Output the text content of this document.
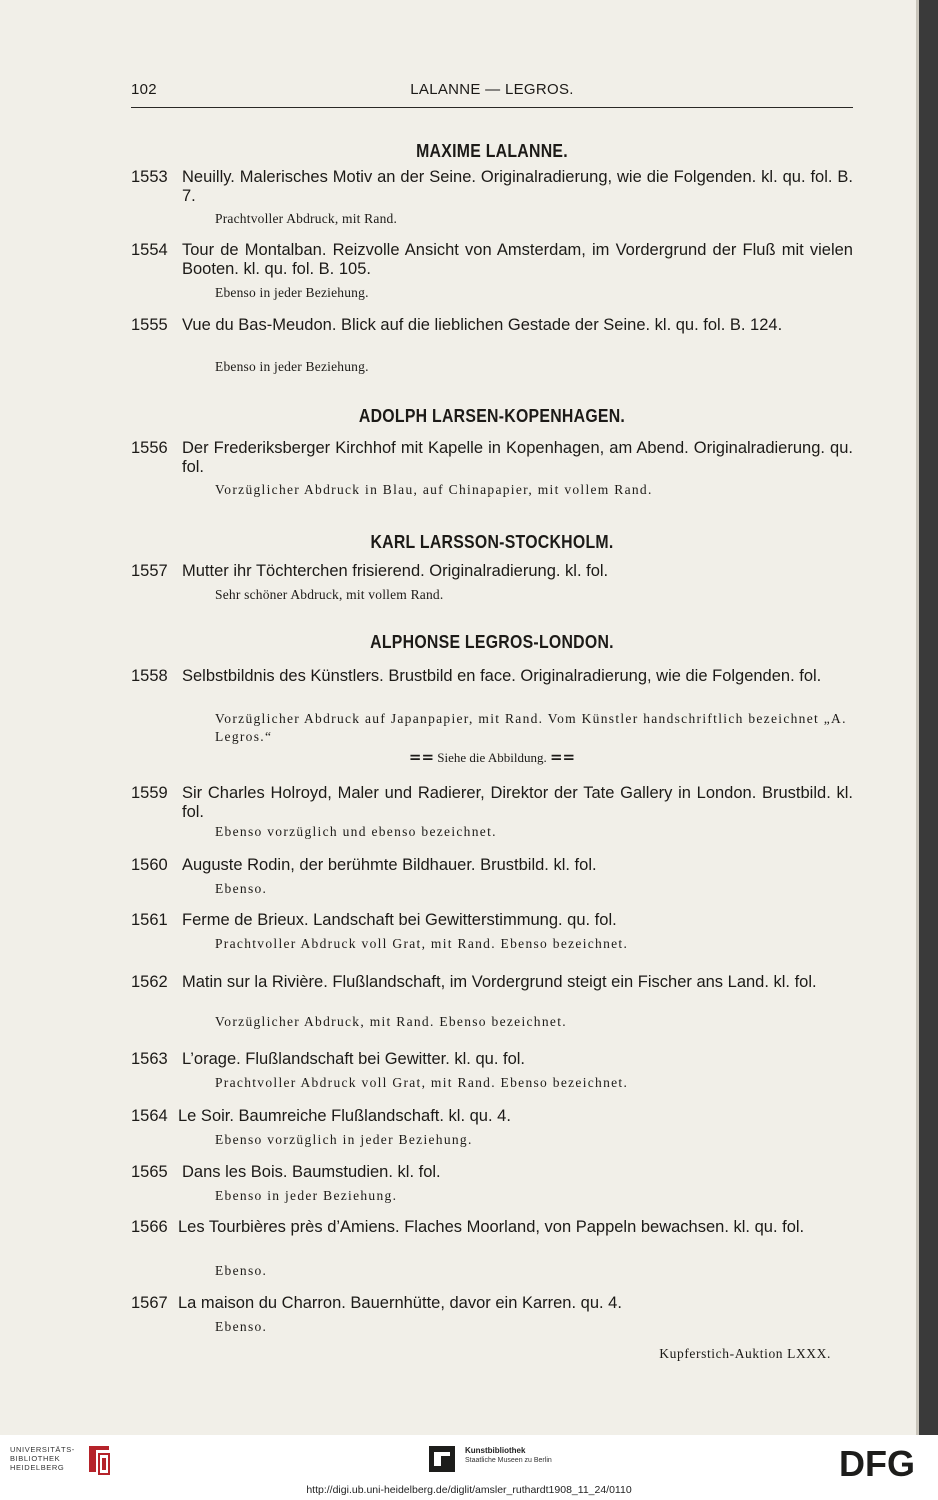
102	LALANNE — LEGROS.
MAXIME LALANNE.
1553 Neuilly. Malerisches Motiv an der Seine. Originalradierung, wie die Folgenden. kl. qu. fol. B. 7.
Prachtvoller Abdruck, mit Rand.
1554 Tour de Montalban. Reizvolle Ansicht von Amsterdam, im Vordergrund der Fluß mit vielen Booten. kl. qu. fol. B. 105.
Ebenso in jeder Beziehung.
1555 Vue du Bas-Meudon. Blick auf die lieblichen Gestade der Seine. kl. qu. fol. B. 124.
Ebenso in jeder Beziehung.
ADOLPH LARSEN-KOPENHAGEN.
1556 Der Frederiksberger Kirchhof mit Kapelle in Kopenhagen, am Abend. Originalradierung. qu. fol.
Vorzüglicher Abdruck in Blau, auf Chinapapier, mit vollem Rand.
KARL LARSSON-STOCKHOLM.
1557 Mutter ihr Töchterchen frisierend. Originalradierung. kl. fol.
Sehr schöner Abdruck, mit vollem Rand.
ALPHONSE LEGROS-LONDON.
1558 Selbstbildnis des Künstlers. Brustbild en face. Originalradierung, wie die Folgenden. fol.
Vorzüglicher Abdruck auf Japanpapier, mit Rand. Vom Künstler handschriftlich bezeichnet „A. Legros.“
== Siehe die Abbildung. ==
1559 Sir Charles Holroyd, Maler und Radierer, Direktor der Tate Gallery in London. Brustbild. kl. fol.
Ebenso vorzüglich und ebenso bezeichnet.
1560 Auguste Rodin, der berühmte Bildhauer. Brustbild. kl. fol.
Ebenso.
1561 Ferme de Brieux. Landschaft bei Gewitterstimmung. qu. fol.
Prachtvoller Abdruck voll Grat, mit Rand. Ebenso bezeichnet.
1562 Matin sur la Rivière. Flußlandschaft, im Vordergrund steigt ein Fischer ans Land. kl. fol.
Vorzüglicher Abdruck, mit Rand. Ebenso bezeichnet.
1563 L’orage. Flußlandschaft bei Gewitter. kl. qu. fol.
Prachtvoller Abdruck voll Grat, mit Rand. Ebenso bezeichnet.
1564 Le Soir. Baumreiche Flußlandschaft. kl. qu. 4.
Ebenso vorzüglich in jeder Beziehung.
1565 Dans les Bois. Baumstudien. kl. fol.
Ebenso in jeder Beziehung.
1566 Les Tourbières près d’Amiens. Flaches Moorland, von Pappeln bewachsen. kl. qu. fol.
Ebenso.
1567 La maison du Charron. Bauernhütte, davor ein Karren. qu. 4.
Ebenso.
Kupferstich-Auktion LXXX.
UNIVERSITÄTS-
BIBLIOTHEK
HEIDELBERG
Kunstbibliothek
Staatliche Museen zu Berlin	DFG
http://digi.ub.uni-heidelberg.de/diglit/amsler_ruthardt1908_11_24/0110
